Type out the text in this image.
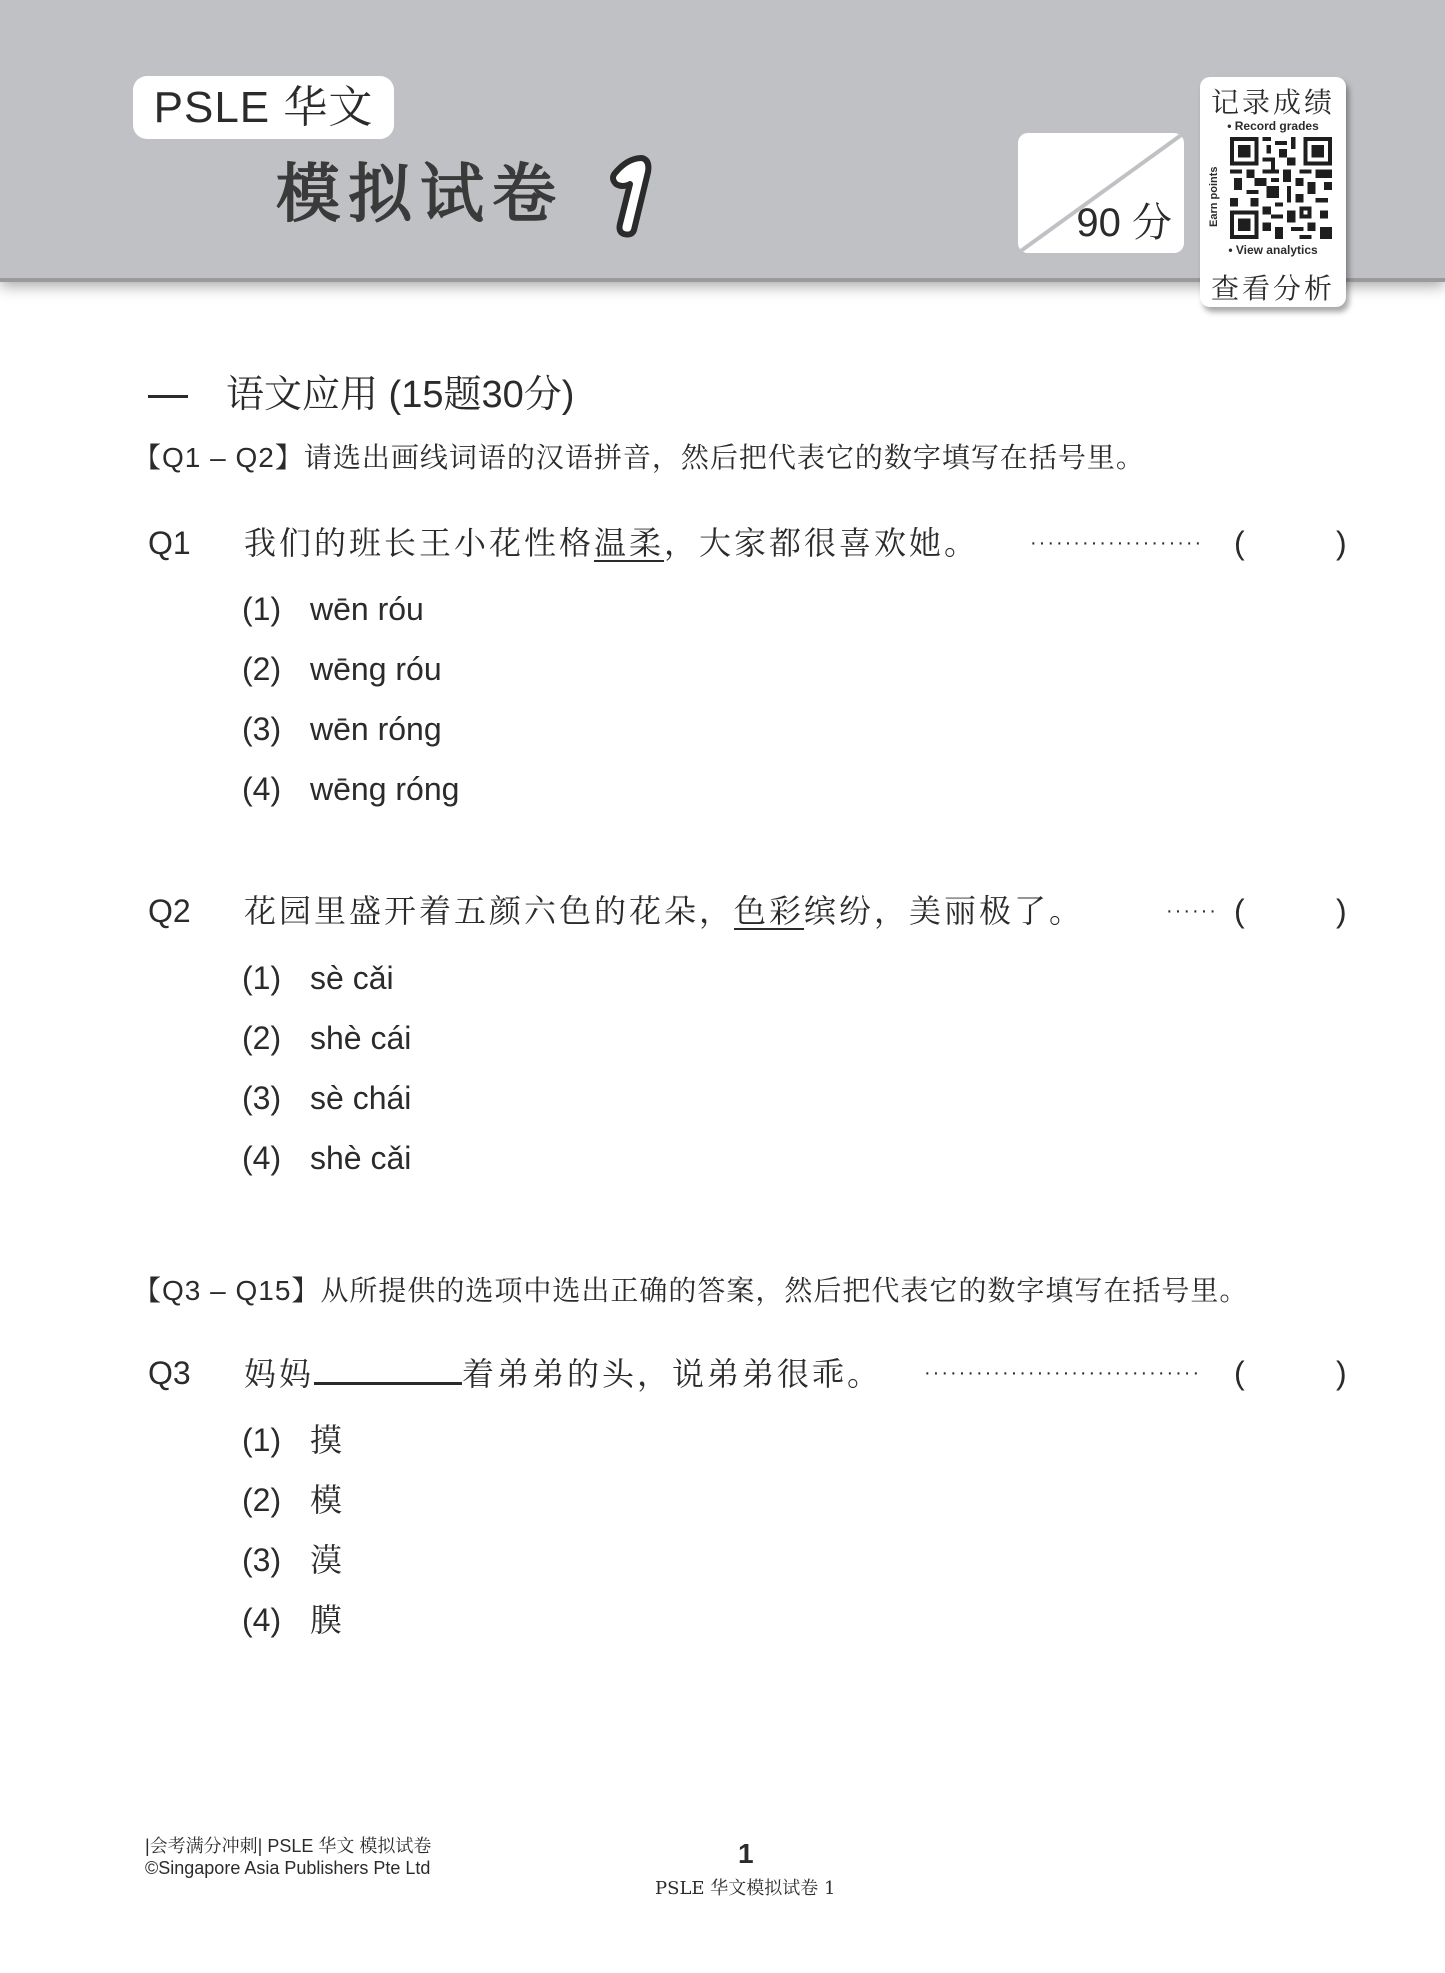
PSLE 华文
模拟试卷	90 分
记录成绩
• Record grades
Earn points
• View analytics
查看分析
语文应用 (15题30分)
【Q1 – Q2】请选出画线词语的汉语拼音，然后把代表它的数字填写在括号里。
Q1 我们的班长王小花性格温柔，大家都很喜欢她。	···················· (	)
(1) wēn róu
(2) wēng róu
(3) wēn róng
(4) wēng róng
Q2 花园里盛开着五颜六色的花朵，色彩缤纷，美丽极了。	······ (	)
(1) sè cǎi
(2) shè cái
(3) sè chái
(4) shè cǎi
【Q3 – Q15】从所提供的选项中选出正确的答案，然后把代表它的数字填写在括号里。
Q3 妈妈	着弟弟的头，说弟弟很乖。 ································ (	)
(1) 摸
(2) 模
(3) 漠
(4) 膜
|会考满分冲刺| PSLE 华文 模拟试卷
©Singapore Asia Publishers Pte Ltd	1
PSLE 华文模拟试卷 1
